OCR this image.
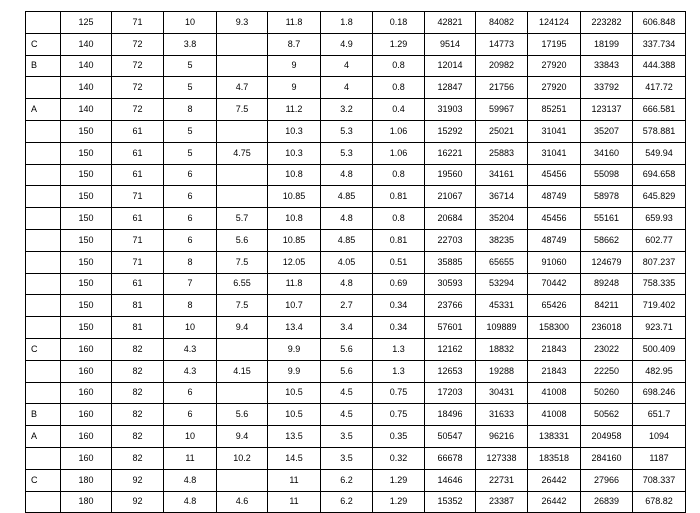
	125	71	10	9.3	11.8	1.8	0.18	42821	84082	124124	223282	606.848
C	140	72	3.8		8.7	4.9	1.29	9514	14773	17195	18199	337.734
B	140	72	5		9	4	0.8	12014	20982	27920	33843	444.388
	140	72	5	4.7	9	4	0.8	12847	21756	27920	33792	417.72
A	140	72	8	7.5	11.2	3.2	0.4	31903	59967	85251	123137	666.581
	150	61	5		10.3	5.3	1.06	15292	25021	31041	35207	578.881
	150	61	5	4.75	10.3	5.3	1.06	16221	25883	31041	34160	549.94
	150	61	6		10.8	4.8	0.8	19560	34161	45456	55098	694.658
	150	71	6		10.85	4.85	0.81	21067	36714	48749	58978	645.829
	150	61	6	5.7	10.8	4.8	0.8	20684	35204	45456	55161	659.93
	150	71	6	5.6	10.85	4.85	0.81	22703	38235	48749	58662	602.77
	150	71	8	7.5	12.05	4.05	0.51	35885	65655	91060	124679	807.237
	150	61	7	6.55	11.8	4.8	0.69	30593	53294	70442	89248	758.335
	150	81	8	7.5	10.7	2.7	0.34	23766	45331	65426	84211	719.402
	150	81	10	9.4	13.4	3.4	0.34	57601	109889	158300	236018	923.71
C	160	82	4.3		9.9	5.6	1.3	12162	18832	21843	23022	500.409
	160	82	4.3	4.15	9.9	5.6	1.3	12653	19288	21843	22250	482.95
	160	82	6		10.5	4.5	0.75	17203	30431	41008	50260	698.246
B	160	82	6	5.6	10.5	4.5	0.75	18496	31633	41008	50562	651.7
A	160	82	10	9.4	13.5	3.5	0.35	50547	96216	138331	204958	1094
	160	82	11	10.2	14.5	3.5	0.32	66678	127338	183518	284160	1187
C	180	92	4.8		11	6.2	1.29	14646	22731	26442	27966	708.337
	180	92	4.8	4.6	11	6.2	1.29	15352	23387	26442	26839	678.82
